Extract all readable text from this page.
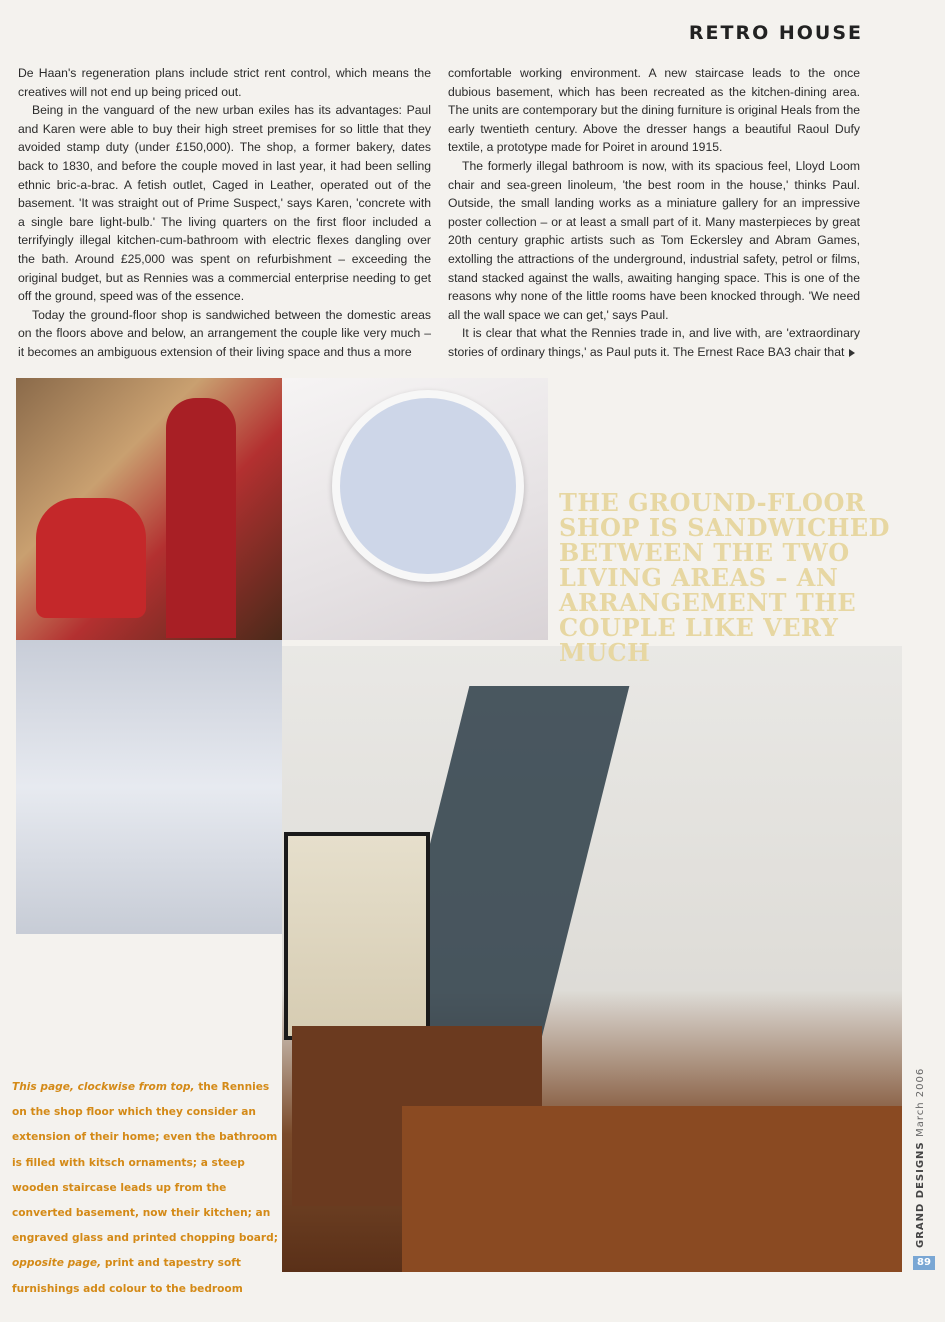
RETRO HOUSE

De Haan's regeneration plans include strict rent control, which means the creatives will not end up being priced out.

Being in the vanguard of the new urban exiles has its advantages: Paul and Karen were able to buy their high street premises for so little that they avoided stamp duty (under £150,000). The shop, a former bakery, dates back to 1830, and before the couple moved in last year, it had been selling ethnic bric-a-brac. A fetish outlet, Caged in Leather, operated out of the basement. 'It was straight out of Prime Suspect,' says Karen, 'concrete with a single bare light-bulb.' The living quarters on the first floor included a terrifyingly illegal kitchen-cum-bathroom with electric flexes dangling over the bath. Around £25,000 was spent on refurbishment – exceeding the original budget, but as Rennies was a commercial enterprise needing to get off the ground, speed was of the essence.

Today the ground-floor shop is sandwiched between the domestic areas on the floors above and below, an arrangement the couple like very much – it becomes an ambiguous extension of their living space and thus a more

comfortable working environment. A new staircase leads to the once dubious basement, which has been recreated as the kitchen-dining area. The units are contemporary but the dining furniture is original Heals from the early twentieth century. Above the dresser hangs a beautiful Raoul Dufy textile, a prototype made for Poiret in around 1915.

The formerly illegal bathroom is now, with its spacious feel, Lloyd Loom chair and sea-green linoleum, 'the best room in the house,' thinks Paul. Outside, the small landing works as a miniature gallery for an impressive poster collection – or at least a small part of it. Many masterpieces by great 20th century graphic artists such as Tom Eckersley and Abram Games, extolling the attractions of the underground, industrial safety, petrol or films, stand stacked against the walls, awaiting hanging space. This is one of the reasons why none of the little rooms have been knocked through. 'We need all the wall space we can get,' says Paul.

It is clear that what the Rennies trade in, and live with, are 'extraordinary stories of ordinary things,' as Paul puts it. The Ernest Race BA3 chair that

THE GROUND-FLOOR SHOP IS SANDWICHED BETWEEN THE TWO LIVING AREAS – AN ARRANGEMENT THE COUPLE LIKE VERY MUCH
This page, clockwise from top, the Rennies on the shop floor which they consider an extension of their home; even the bathroom is filled with kitsch ornaments; a steep wooden staircase leads up from the converted basement, now their kitchen; an engraved glass and printed chopping board; opposite page, print and tapestry soft furnishings add colour to the bedroom
GRAND DESIGNS March 2006
89
